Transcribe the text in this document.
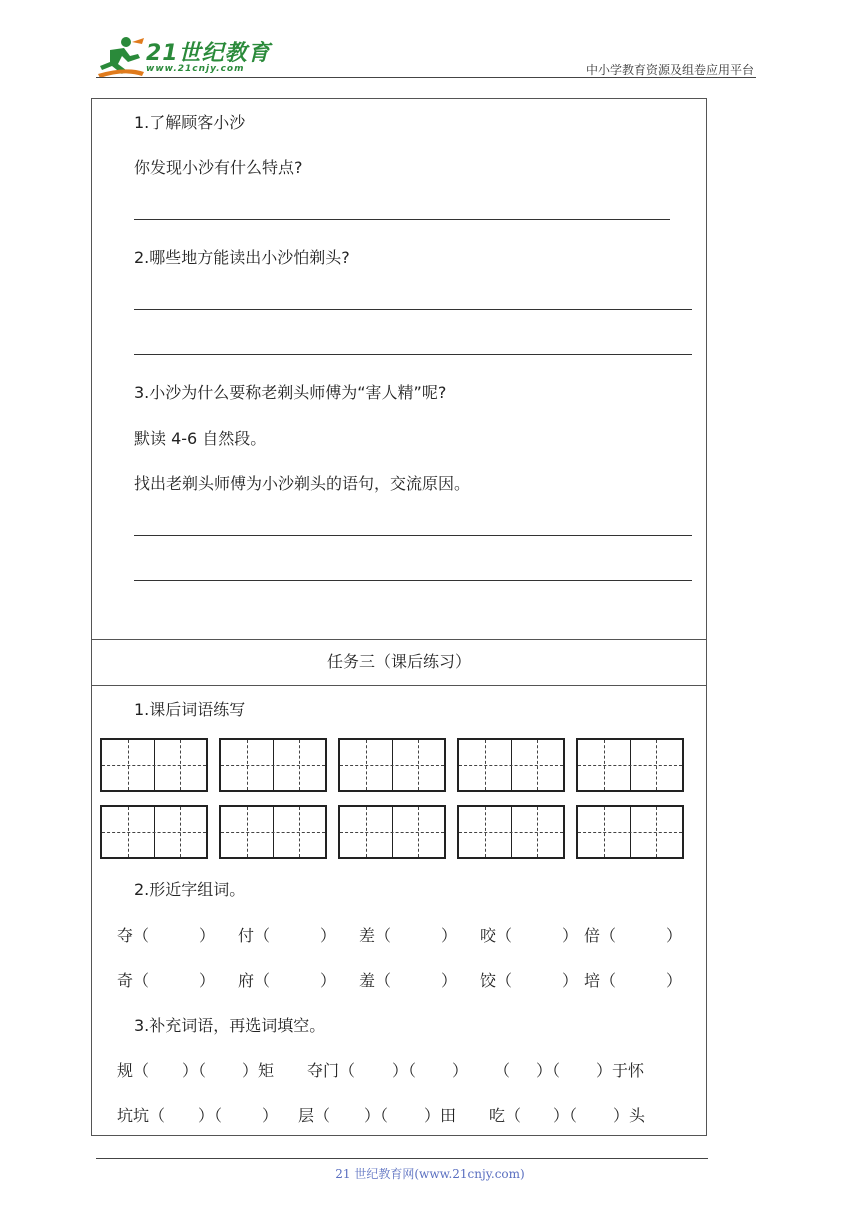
21世纪教育
www.21cnjy.com	中小学教育资源及组卷应用平台
1.了解顾客小沙
你发现小沙有什么特点?
2.哪些地方能读出小沙怕剃头?
3.小沙为什么要称老剃头师傅为“害人精”呢?
默读 4-6 自然段。
找出老剃头师傅为小沙剃头的语句，交流原因。
任务三（课后练习）
1.课后词语练写
2.形近字组词。
夺（	） 付（	） 差（	） 咬（	） 倍（	）
奇（	） 府（	） 羞（	） 饺（	） 培（	）
3.补充词语，再选词填空。
规（ ）（ ）矩 夺门（ ）（ ） （ ）（ ）于怀
坑坑（ ）（ ） 层（ ）（ ）田 吃（ ）（ ）头
21 世纪教育网(www.21cnjy.com)
